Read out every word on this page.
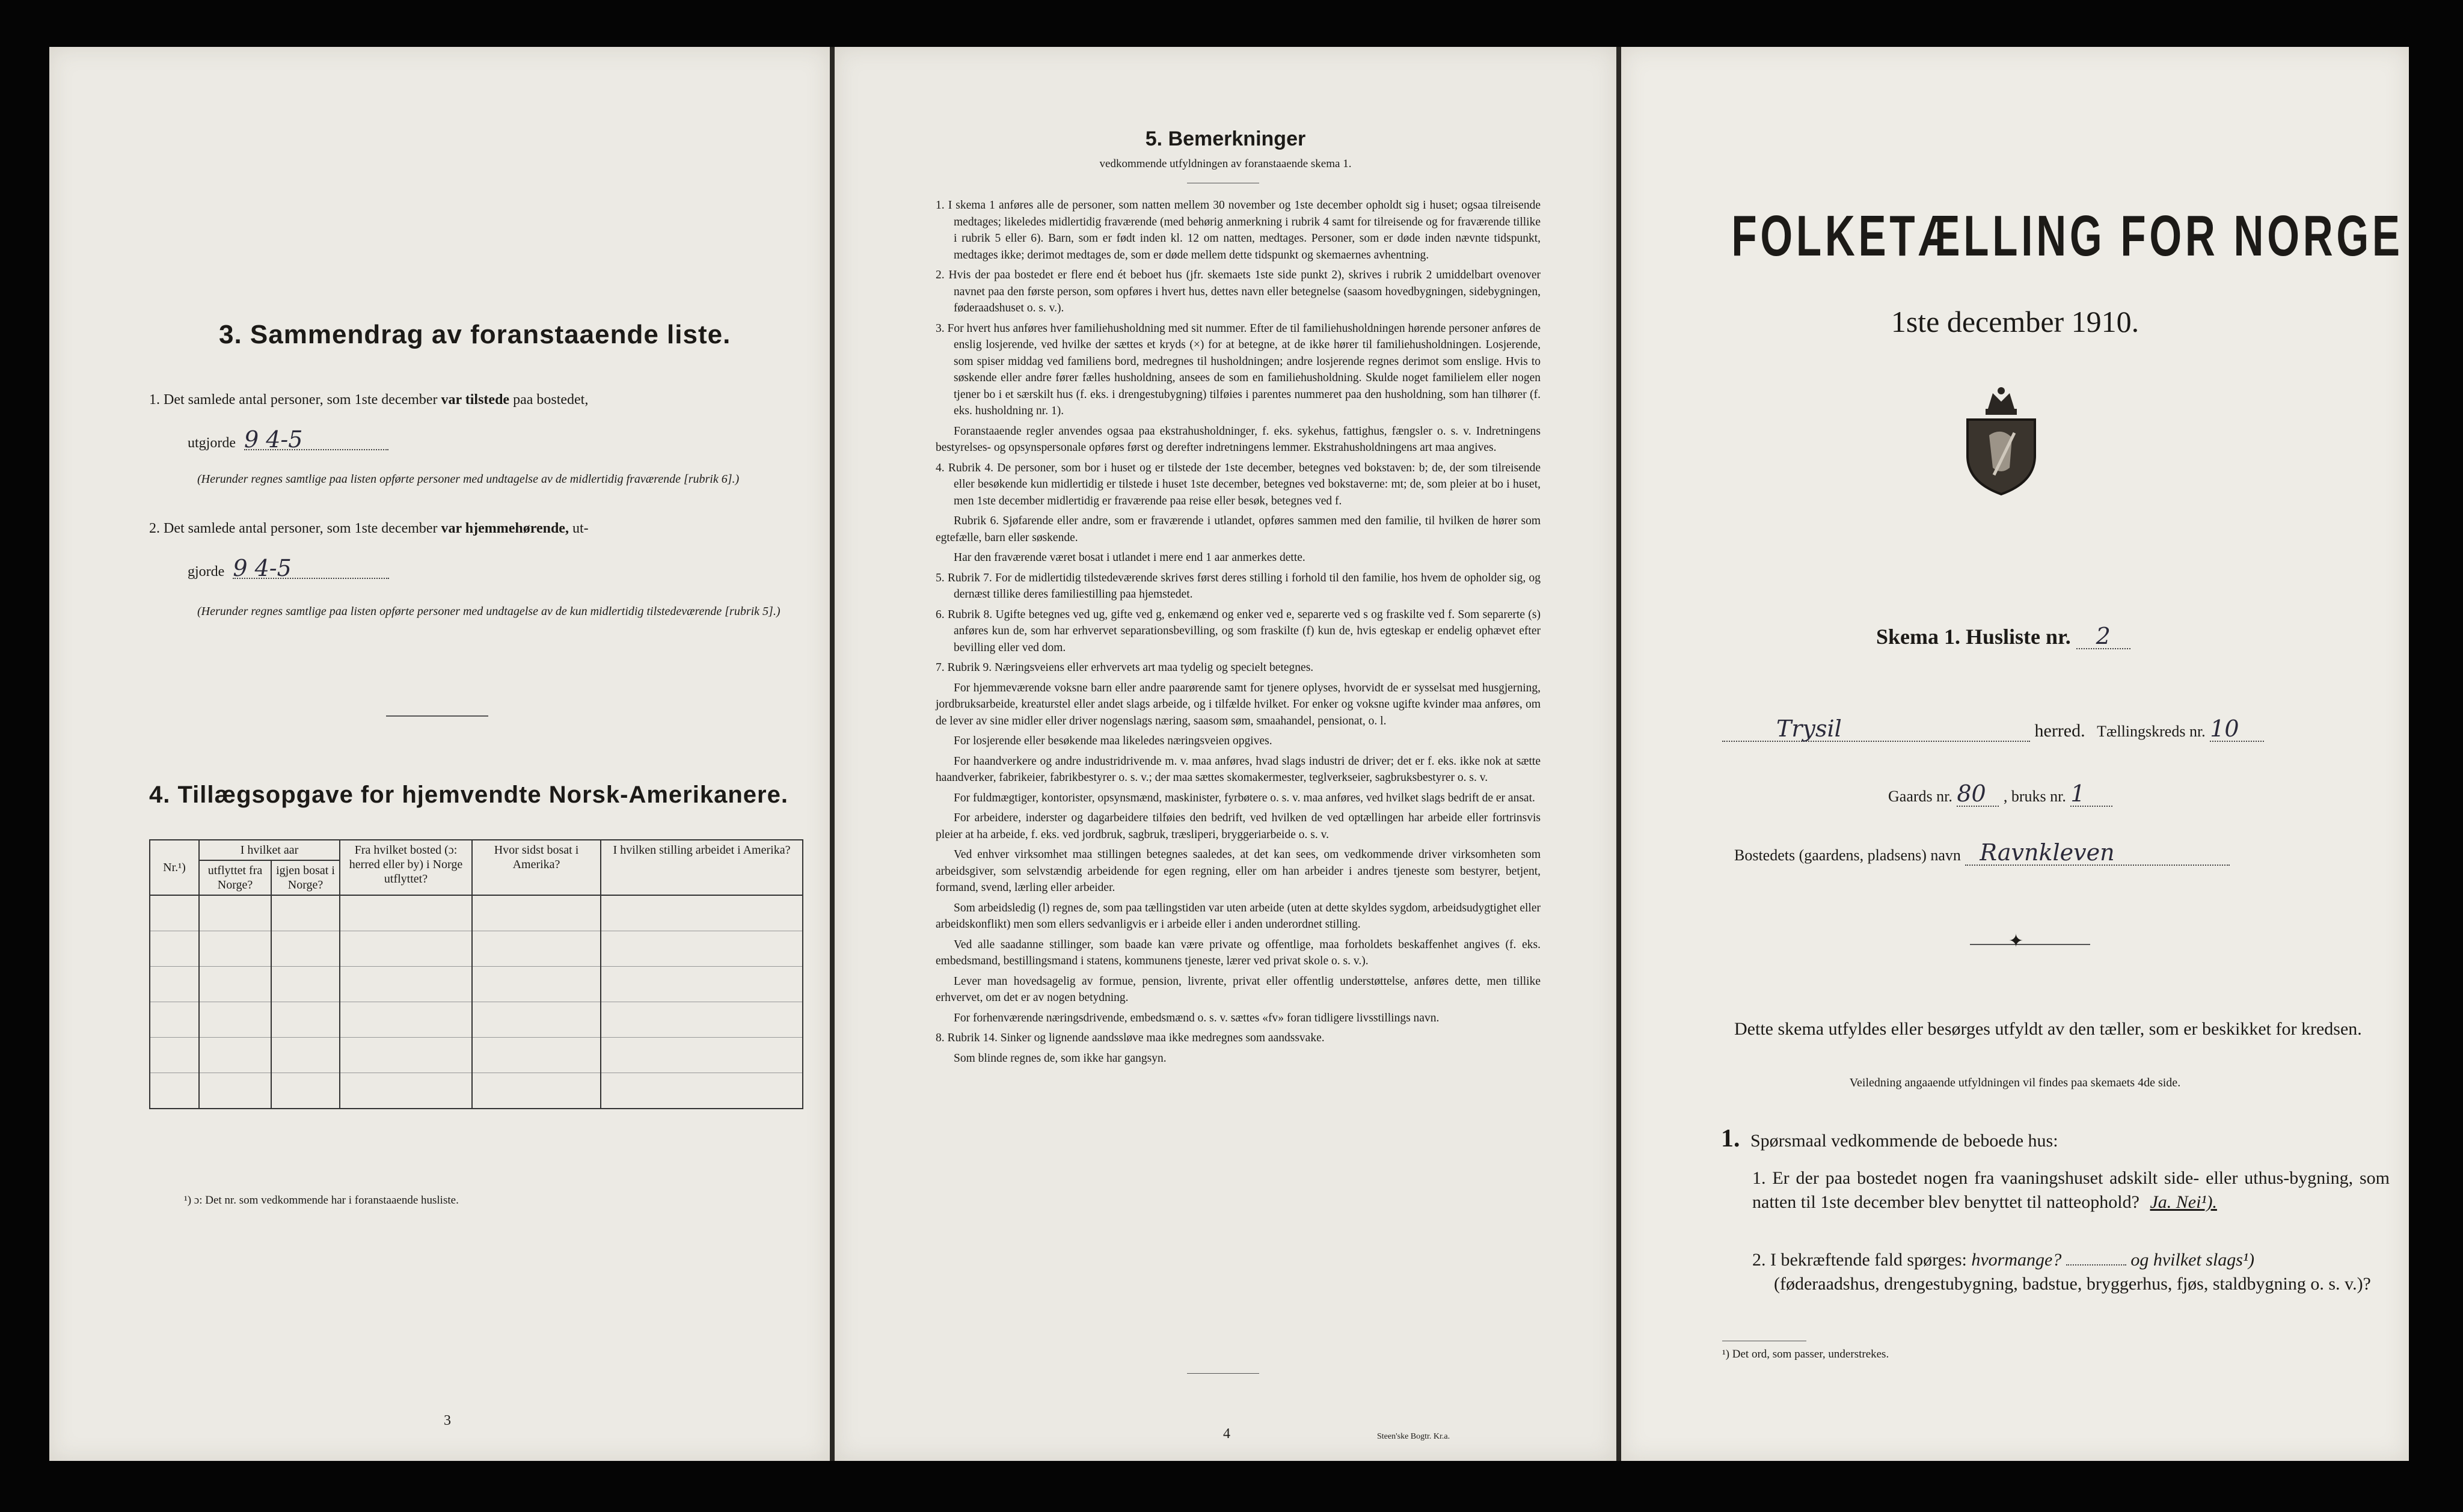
3. Sammendrag av foranstaaende liste.
1. Det samlede antal personer, som 1ste december var tilstede paa bostedet,
utgjorde 9 4-5
(Herunder regnes samtlige paa listen opførte personer med undtagelse av de midlertidig fraværende [rubrik 6].)
2. Det samlede antal personer, som 1ste december var hjemmehørende, ut-
gjorde 9 4-5
(Herunder regnes samtlige paa listen opførte personer med undtagelse av de kun midlertidig tilstedeværende [rubrik 5].)
4. Tillægsopgave for hjemvendte Norsk-Amerikanere.
Nr.¹)	I hvilket aar		Fra hvilket bosted (ɔ: herred eller by) i Norge utflyttet?	Hvor sidst bosat i Amerika?	I hvilken stilling arbeidet i Amerika?
	utflyttet fra Norge?	igjen bosat i Norge?			

¹) ɔ: Det nr. som vedkommende har i foranstaaende husliste.
3
5. Bemerkninger
vedkommende utfyldningen av foranstaaende skema 1.

1. I skema 1 anføres alle de personer, som natten mellem 30 november og 1ste december opholdt sig i huset; ogsaa tilreisende medtages; likeledes midlertidig fraværende (med behørig anmerkning i rubrik 4 samt for tilreisende og for fraværende tillike i rubrik 5 eller 6). Barn, som er født inden kl. 12 om natten, medtages. Personer, som er døde inden nævnte tidspunkt, medtages ikke; derimot medtages de, som er døde mellem dette tidspunkt og skemaernes avhentning.

2. Hvis der paa bostedet er flere end ét beboet hus (jfr. skemaets 1ste side punkt 2), skrives i rubrik 2 umiddelbart ovenover navnet paa den første person, som opføres i hvert hus, dettes navn eller betegnelse (saasom hovedbygningen, sidebygningen, føderaadshuset o. s. v.).

3. For hvert hus anføres hver familiehusholdning med sit nummer. Efter de til familiehusholdningen hørende personer anføres de enslig losjerende, ved hvilke der sættes et kryds (×) for at betegne, at de ikke hører til familiehusholdningen. Losjerende, som spiser middag ved familiens bord, medregnes til husholdningen; andre losjerende regnes derimot som enslige. Hvis to søskende eller andre fører fælles husholdning, ansees de som en familiehusholdning. Skulde noget familielem eller nogen tjener bo i et særskilt hus (f. eks. i drengestubygning) tilføies i parentes nummeret paa den husholdning, som han tilhører (f. eks. husholdning nr. 1).

Foranstaaende regler anvendes ogsaa paa ekstrahusholdninger, f. eks. sykehus, fattighus, fængsler o. s. v. Indretningens bestyrelses- og opsynspersonale opføres først og derefter indretningens lemmer. Ekstrahusholdningens art maa angives.

4. Rubrik 4. De personer, som bor i huset og er tilstede der 1ste december, betegnes ved bokstaven: b; de, der som tilreisende eller besøkende kun midlertidig er tilstede i huset 1ste december, betegnes ved bokstaverne: mt; de, som pleier at bo i huset, men 1ste december midlertidig er fraværende paa reise eller besøk, betegnes ved f.

Rubrik 6. Sjøfarende eller andre, som er fraværende i utlandet, opføres sammen med den familie, til hvilken de hører som egtefælle, barn eller søskende.

Har den fraværende været bosat i utlandet i mere end 1 aar anmerkes dette.

5. Rubrik 7. For de midlertidig tilstedeværende skrives først deres stilling i forhold til den familie, hos hvem de opholder sig, og dernæst tillike deres familiestilling paa hjemstedet.

6. Rubrik 8. Ugifte betegnes ved ug, gifte ved g, enkemænd og enker ved e, separerte ved s og fraskilte ved f. Som separerte (s) anføres kun de, som har erhvervet separationsbevilling, og som fraskilte (f) kun de, hvis egteskap er endelig ophævet efter bevilling eller ved dom.

7. Rubrik 9. Næringsveiens eller erhvervets art maa tydelig og specielt betegnes.

For hjemmeværende voksne barn eller andre paarørende samt for tjenere oplyses, hvorvidt de er sysselsat med husgjerning, jordbruksarbeide, kreaturstel eller andet slags arbeide, og i tilfælde hvilket. For enker og voksne ugifte kvinder maa anføres, om de lever av sine midler eller driver nogenslags næring, saasom søm, smaahandel, pensionat, o. l.

For losjerende eller besøkende maa likeledes næringsveien opgives.

For haandverkere og andre industridrivende m. v. maa anføres, hvad slags industri de driver; det er f. eks. ikke nok at sætte haandverker, fabrikeier, fabrikbestyrer o. s. v.; der maa sættes skomakermester, teglverkseier, sagbruksbestyrer o. s. v.

For fuldmægtiger, kontorister, opsynsmænd, maskinister, fyrbøtere o. s. v. maa anføres, ved hvilket slags bedrift de er ansat.

For arbeidere, inderster og dagarbeidere tilføies den bedrift, ved hvilken de ved optællingen har arbeide eller fortrinsvis pleier at ha arbeide, f. eks. ved jordbruk, sagbruk, træsliperi, bryggeriarbeide o. s. v.

Ved enhver virksomhet maa stillingen betegnes saaledes, at det kan sees, om vedkommende driver virksomheten som arbeidsgiver, som selvstændig arbeidende for egen regning, eller om han arbeider i andres tjeneste som bestyrer, betjent, formand, svend, lærling eller arbeider.

Som arbeidsledig (l) regnes de, som paa tællingstiden var uten arbeide (uten at dette skyldes sygdom, arbeidsudygtighet eller arbeidskonflikt) men som ellers sedvanligvis er i arbeide eller i anden underordnet stilling.

Ved alle saadanne stillinger, som baade kan være private og offentlige, maa forholdets beskaffenhet angives (f. eks. embedsmand, bestillingsmand i statens, kommunens tjeneste, lærer ved privat skole o. s. v.).

Lever man hovedsagelig av formue, pension, livrente, privat eller offentlig understøttelse, anføres dette, men tillike erhvervet, om det er av nogen betydning.

For forhenværende næringsdrivende, embedsmænd o. s. v. sættes «fv» foran tidligere livsstillings navn.

8. Rubrik 14. Sinker og lignende aandssløve maa ikke medregnes som aandssvake.

Som blinde regnes de, som ikke har gangsyn.

4	Steen'ske Bogtr. Kr.a.
FOLKETÆLLING FOR NORGE
1ste december 1910.
Skema 1. Husliste nr. 2
Trysil	herred. Tællingskreds nr. 10
Gaards nr. 80 , bruks nr. 1
Bostedets (gaardens, pladsens) navn Ravnkleven
✦
Dette skema utfyldes eller besørges utfyldt av den tæller, som er beskikket for kredsen.
Veiledning angaaende utfyldningen vil findes paa skemaets 4de side.
1. Spørsmaal vedkommende de beboede hus:
1. Er der paa bostedet nogen fra vaaningshuset adskilt side- eller uthus-bygning, som natten til 1ste december blev benyttet til natteophold? Ja. Nei¹).
2. I bekræftende fald spørges: hvormange?	og hvilket slags¹)
(føderaadshus, drengestubygning, badstue, bryggerhus, fjøs, staldbygning o. s. v.)?
¹) Det ord, som passer, understrekes.
